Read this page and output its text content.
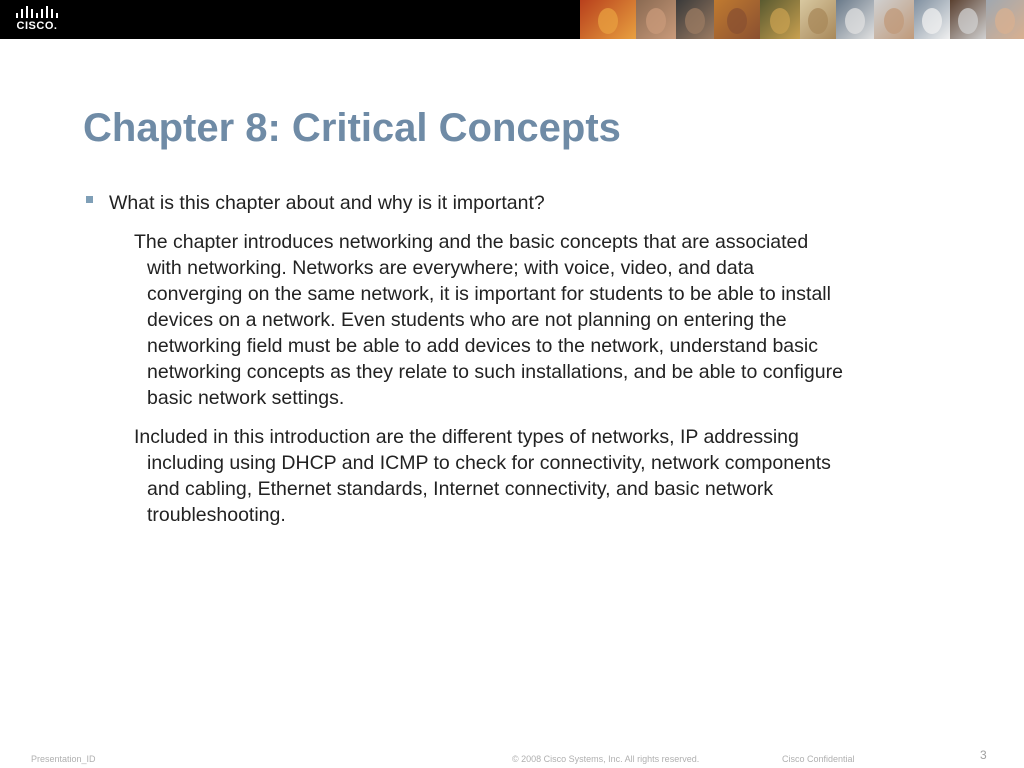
CISCO.
Chapter 8: Critical Concepts
What is this chapter about and why is it important?
The chapter introduces networking and the basic concepts that are associated
with networking. Networks are everywhere; with voice, video, and data
converging on the same network, it is important for students to be able to install
devices on a network. Even students who are not planning on entering the
networking field must be able to add devices to the network, understand basic
networking concepts as they relate to such installations, and be able to configure
basic network settings.
Included in this introduction are the different types of networks, IP addressing
including using DHCP and ICMP to check for connectivity, network components
and cabling, Ethernet standards, Internet connectivity, and basic network
troubleshooting.
Presentation_ID	© 2008 Cisco Systems, Inc. All rights reserved.	Cisco Confidential	3
